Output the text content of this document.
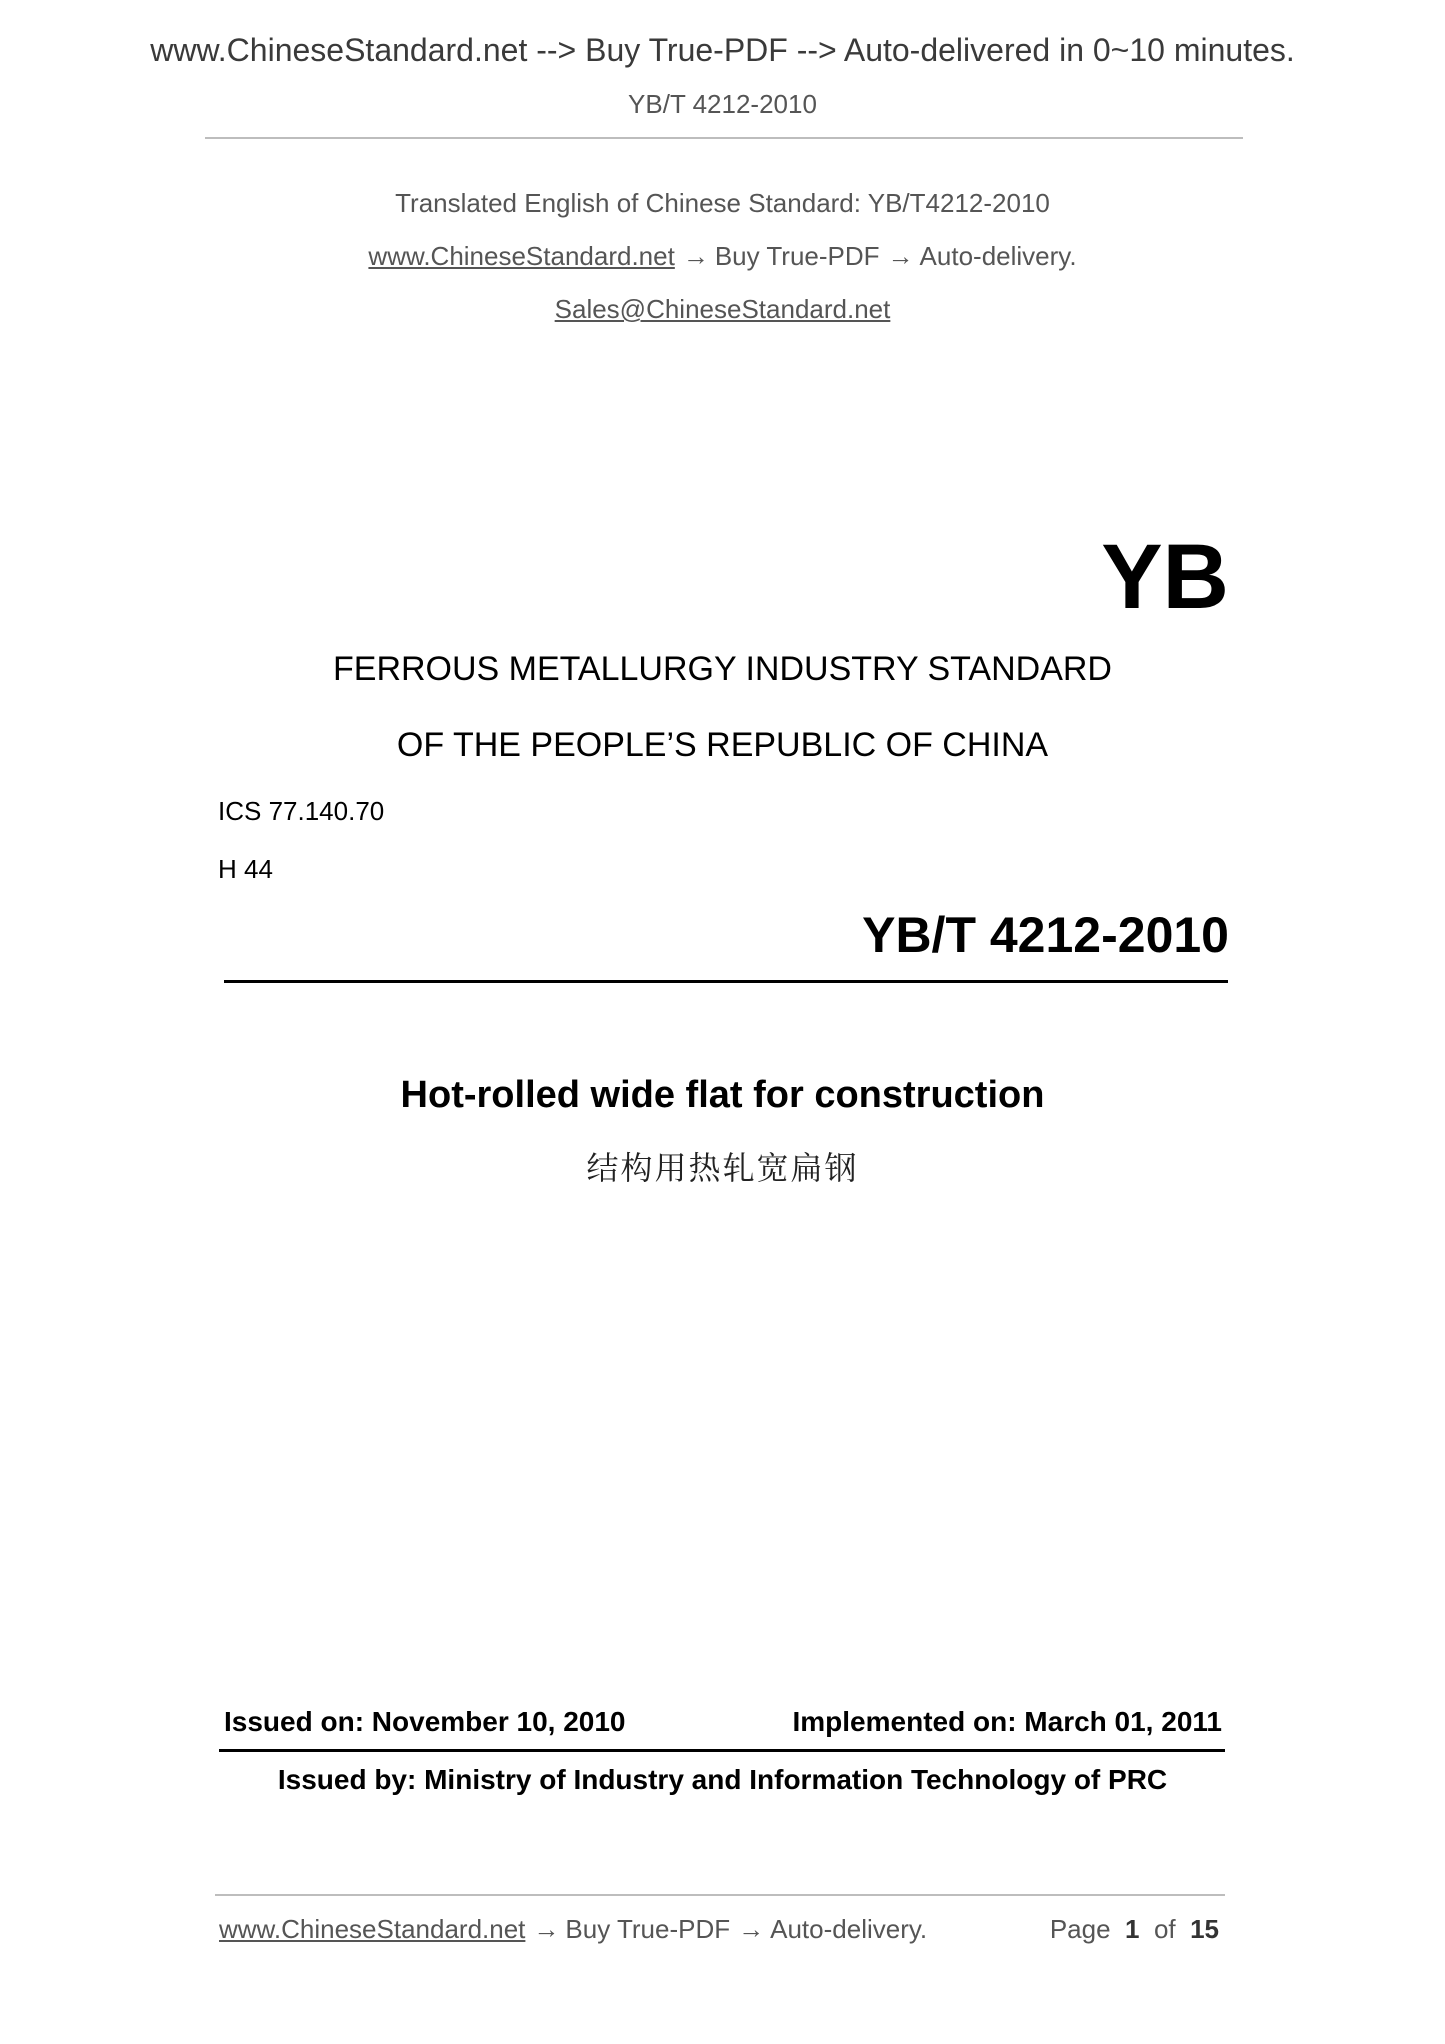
www.ChineseStandard.net --> Buy True-PDF --> Auto-delivered in 0~10 minutes.
YB/T 4212-2010
Translated English of Chinese Standard: YB/T4212-2010
www.ChineseStandard.net → Buy True-PDF → Auto-delivery.
Sales@ChineseStandard.net
YB
FERROUS METALLURGY INDUSTRY STANDARD
OF THE PEOPLE’S REPUBLIC OF CHINA
ICS 77.140.70
H 44
YB/T 4212-2010
Hot-rolled wide flat for construction
结构用热轧宽扁钢
Issued on: November 10, 2010	Implemented on: March 01, 2011
Issued by: Ministry of Industry and Information Technology of PRC
www.ChineseStandard.net → Buy True-PDF → Auto-delivery.	Page 1 of 15
